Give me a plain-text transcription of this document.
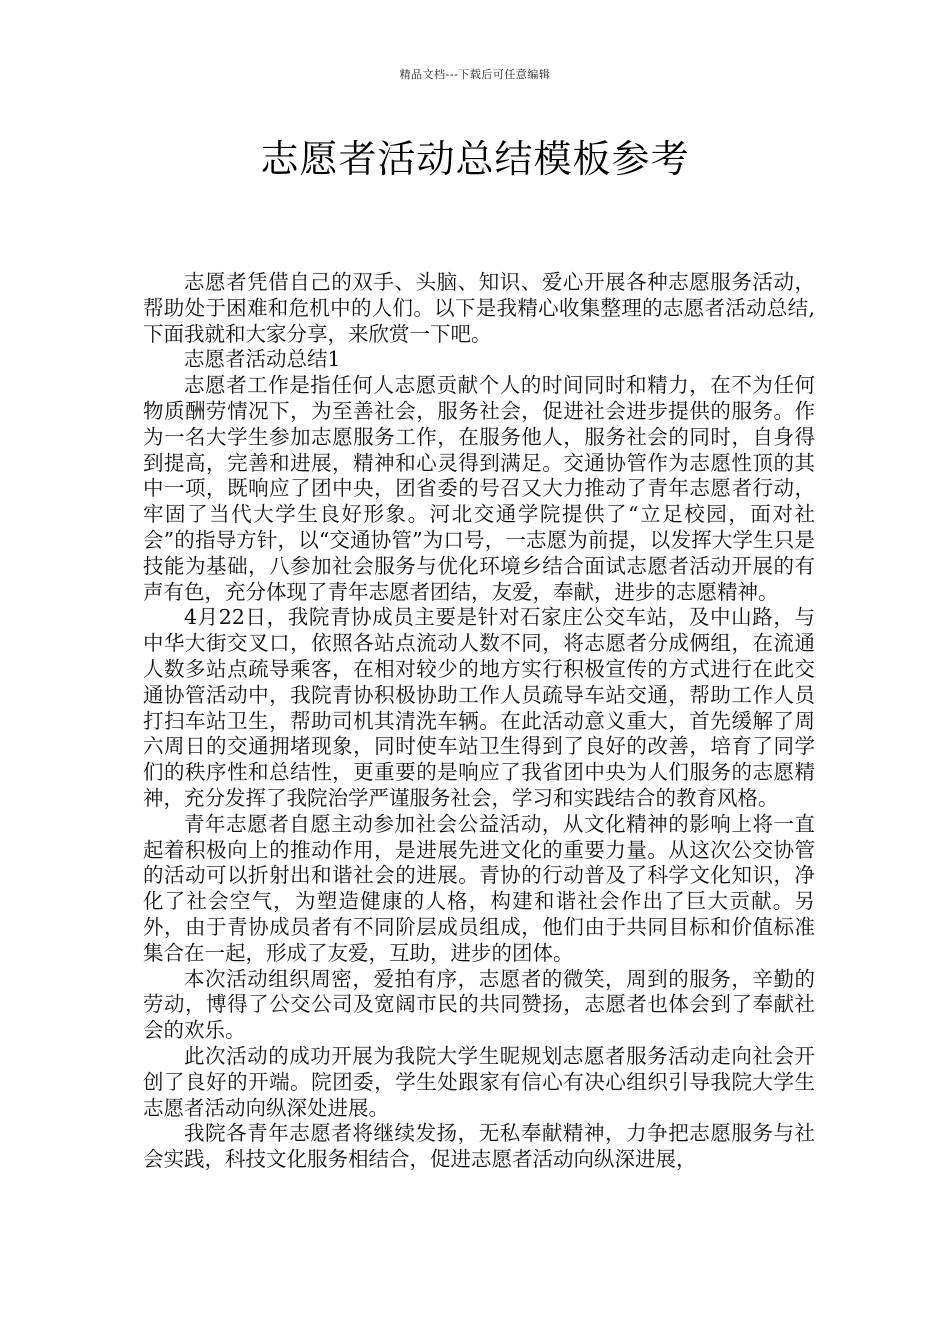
精品文档---下载后可任意编辑
志愿者活动总结模板参考

志愿者凭借自己的双手、头脑、知识、爱心开展各种志愿服务活动，帮助处于困难和危机中的人们。以下是我精心收集整理的志愿者活动总结,下面我就和大家分享，来欣赏一下吧。

志愿者活动总结1

志愿者工作是指任何人志愿贡献个人的时间同时和精力，在不为任何物质酬劳情况下，为至善社会，服务社会，促进社会进步提供的服务。作为一名大学生参加志愿服务工作，在服务他人，服务社会的同时，自身得到提高，完善和进展，精神和心灵得到满足。交通协管作为志愿性顶的其中一项，既响应了团中央，团省委的号召又大力推动了青年志愿者行动，牢固了当代大学生良好形象。河北交通学院提供了“立足校园，面对社会”的指导方针，以“交通协管”为口号，一志愿为前提，以发挥大学生只是技能为基础，八参加社会服务与优化环境乡结合面试志愿者活动开展的有声有色，充分体现了青年志愿者团结，友爱，奉献，进步的志愿精神。

4月22日，我院青协成员主要是针对石家庄公交车站，及中山路，与中华大街交叉口，依照各站点流动人数不同，将志愿者分成俩组，在流通人数多站点疏导乘客，在相对较少的地方实行积极宣传的方式进行在此交通协管活动中，我院青协积极协助工作人员疏导车站交通，帮助工作人员打扫车站卫生，帮助司机其清洗车辆。在此活动意义重大，首先缓解了周六周日的交通拥堵现象，同时使车站卫生得到了良好的改善，培育了同学们的秩序性和总结性，更重要的是响应了我省团中央为人们服务的志愿精神，充分发挥了我院治学严谨服务社会，学习和实践结合的教育风格。

青年志愿者自愿主动参加社会公益活动，从文化精神的影响上将一直起着积极向上的推动作用，是进展先进文化的重要力量。从这次公交协管的活动可以折射出和谐社会的进展。青协的行动普及了科学文化知识，净化了社会空气，为塑造健康的人格，构建和谐社会作出了巨大贡献。另外，由于青协成员者有不同阶层成员组成，他们由于共同目标和价值标准集合在一起，形成了友爱，互助，进步的团体。

本次活动组织周密，爱拍有序，志愿者的微笑，周到的服务，辛勤的劳动，博得了公交公司及宽阔市民的共同赞扬，志愿者也体会到了奉献社会的欢乐。

此次活动的成功开展为我院大学生昵规划志愿者服务活动走向社会开创了良好的开端。院团委，学生处跟家有信心有决心组织引导我院大学生志愿者活动向纵深处进展。

我院各青年志愿者将继续发扬，无私奉献精神，力争把志愿服务与社会实践，科技文化服务相结合，促进志愿者活动向纵深进展，
